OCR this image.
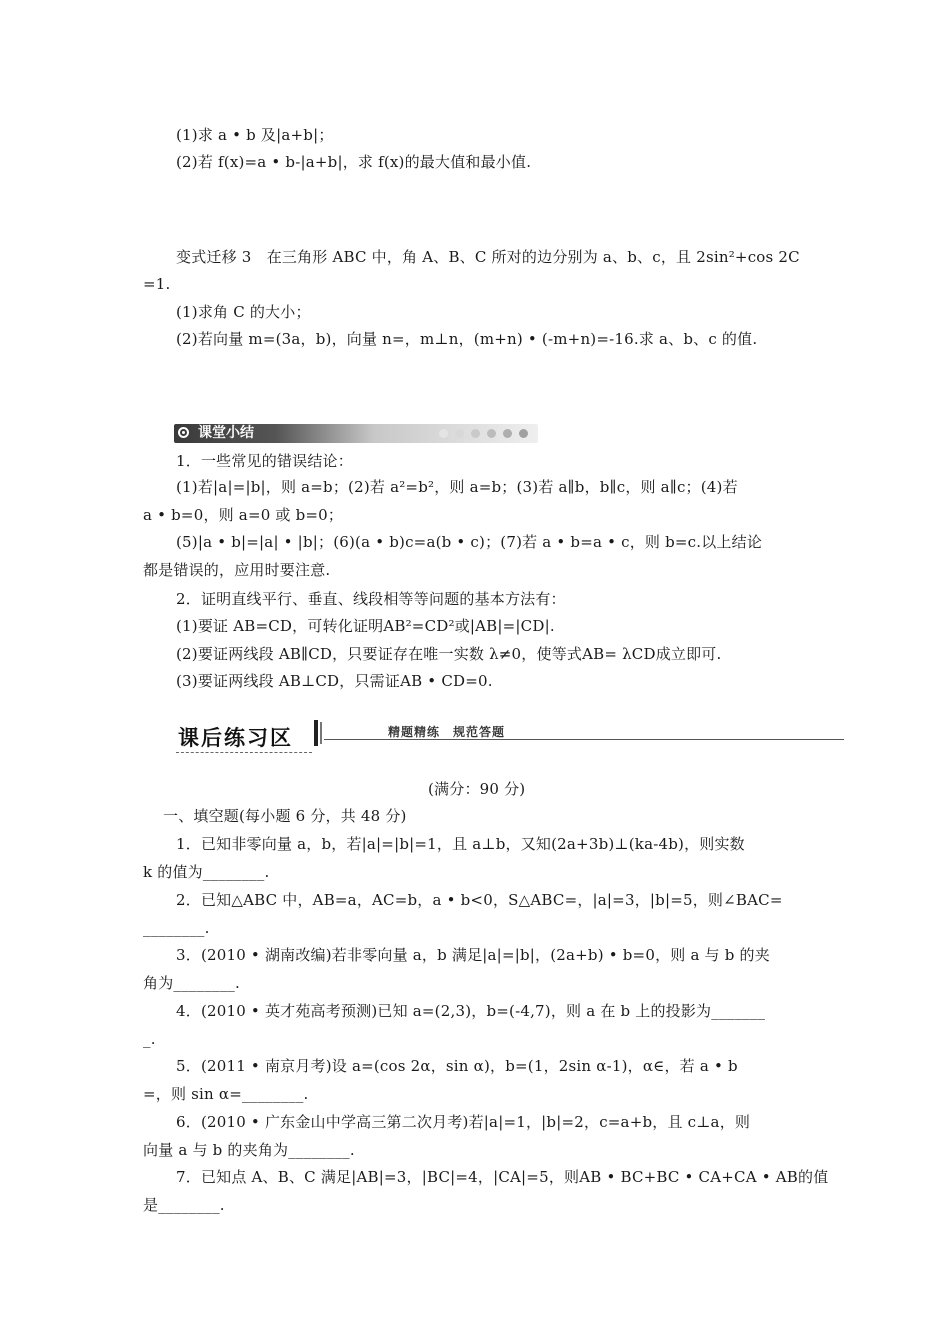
(1)求 a • b 及|a+b|；
(2)若 f(x)=a • b-|a+b|，求 f(x)的最大值和最小值.
变式迁移 3　在三角形 ABC 中，角 A、B、C 所对的边分别为 a、b、c，且 2sin²+cos 2C
=1.
(1)求角 C 的大小；
(2)若向量 m=(3a，b)，向量 n=，m⊥n，(m+n) • (-m+n)=-16.求 a、b、c 的值.
课堂小结
1．一些常见的错误结论：
(1)若|a|=|b|，则 a=b；(2)若 a²=b²，则 a=b；(3)若 a∥b，b∥c，则 a∥c；(4)若
a • b=0，则 a=0 或 b=0；
(5)|a • b|=|a| • |b|；(6)(a • b)c=a(b • c)；(7)若 a • b=a • c，则 b=c.以上结论
都是错误的，应用时要注意.
2．证明直线平行、垂直、线段相等等问题的基本方法有：
(1)要证 AB=CD，可转化证明AB²=CD²或|AB|=|CD|.
(2)要证两线段 AB∥CD，只要证存在唯一实数 λ≠0，使等式AB= λCD成立即可.
(3)要证两线段 AB⊥CD，只需证AB • CD=0.
课后练习区	精题精练　规范答题
(满分：90 分)
一、填空题(每小题 6 分，共 48 分)
1．已知非零向量 a，b，若|a|=|b|=1，且 a⊥b，又知(2a+3b)⊥(ka-4b)，则实数
k 的值为________.
2．已知△ABC 中，AB=a，AC=b，a • b<0，S△ABC=，|a|=3，|b|=5，则∠BAC=
________.
3．(2010 • 湖南改编)若非零向量 a，b 满足|a|=|b|，(2a+b) • b=0，则 a 与 b 的夹
角为________.
4．(2010 • 英才苑高考预测)已知 a=(2,3)，b=(-4,7)，则 a 在 b 上的投影为_______
_.
5．(2011 • 南京月考)设 a=(cos 2α，sin α)，b=(1，2sin α-1)，α∈，若 a • b
=，则 sin α=________.
6．(2010 • 广东金山中学高三第二次月考)若|a|=1，|b|=2，c=a+b，且 c⊥a，则
向量 a 与 b 的夹角为________.
7．已知点 A、B、C 满足|AB|=3，|BC|=4，|CA|=5，则AB • BC+BC • CA+CA • AB的值
是________.
